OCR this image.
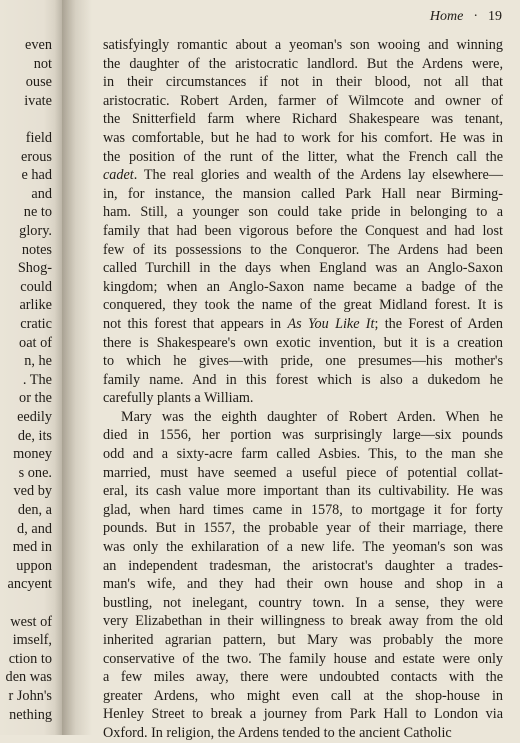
even
not
ouse
ivate
field
erous
e had
and
ne to
glory.
notes
Shog-
could
arlike
cratic
oat of
n, he
. The
or the
eedily
de, its
money
s one.
ved by
den, a
d, and
med in
uppon
ancyent
west of
imself,
ction to
den was
r John's
nething
Home · 19

satisfyingly romantic about a yeoman's son wooing and winning
the daughter of the aristocratic landlord. But the Ardens were,
in their circumstances if not in their blood, not all that
aristocratic. Robert Arden, farmer of Wilmcote and owner of
the Snitterfield farm where Richard Shakespeare was tenant,
was comfortable, but he had to work for his comfort. He was in
the position of the runt of the litter, what the French call the
cadet. The real glories and wealth of the Ardens lay elsewhere—
in, for instance, the mansion called Park Hall near Birming-
ham. Still, a younger son could take pride in belonging to a
family that had been vigorous before the Conquest and had lost
few of its possessions to the Conqueror. The Ardens had been
called Turchill in the days when England was an Anglo-Saxon
kingdom; when an Anglo-Saxon name became a badge of the
conquered, they took the name of the great Midland forest. It is
not this forest that appears in As You Like It; the Forest of Arden
there is Shakespeare's own exotic invention, but it is a creation
to which he gives—with pride, one presumes—his mother's
family name. And in this forest which is also a dukedom he
carefully plants a William.

Mary was the eighth daughter of Robert Arden. When he
died in 1556, her portion was surprisingly large—six pounds
odd and a sixty-acre farm called Asbies. This, to the man she
married, must have seemed a useful piece of potential collat-
eral, its cash value more important than its cultivability. He was
glad, when hard times came in 1578, to mortgage it for forty
pounds. But in 1557, the probable year of their marriage, there
was only the exhilaration of a new life. The yeoman's son was
an independent tradesman, the aristocrat's daughter a trades-
man's wife, and they had their own house and shop in a
bustling, not inelegant, country town. In a sense, they were
very Elizabethan in their willingness to break away from the old
inherited agrarian pattern, but Mary was probably the more
conservative of the two. The family house and estate were only
a few miles away, there were undoubted contacts with the
greater Ardens, who might even call at the shop-house in
Henley Street to break a journey from Park Hall to London via
Oxford. In religion, the Ardens tended to the ancient Catholic
